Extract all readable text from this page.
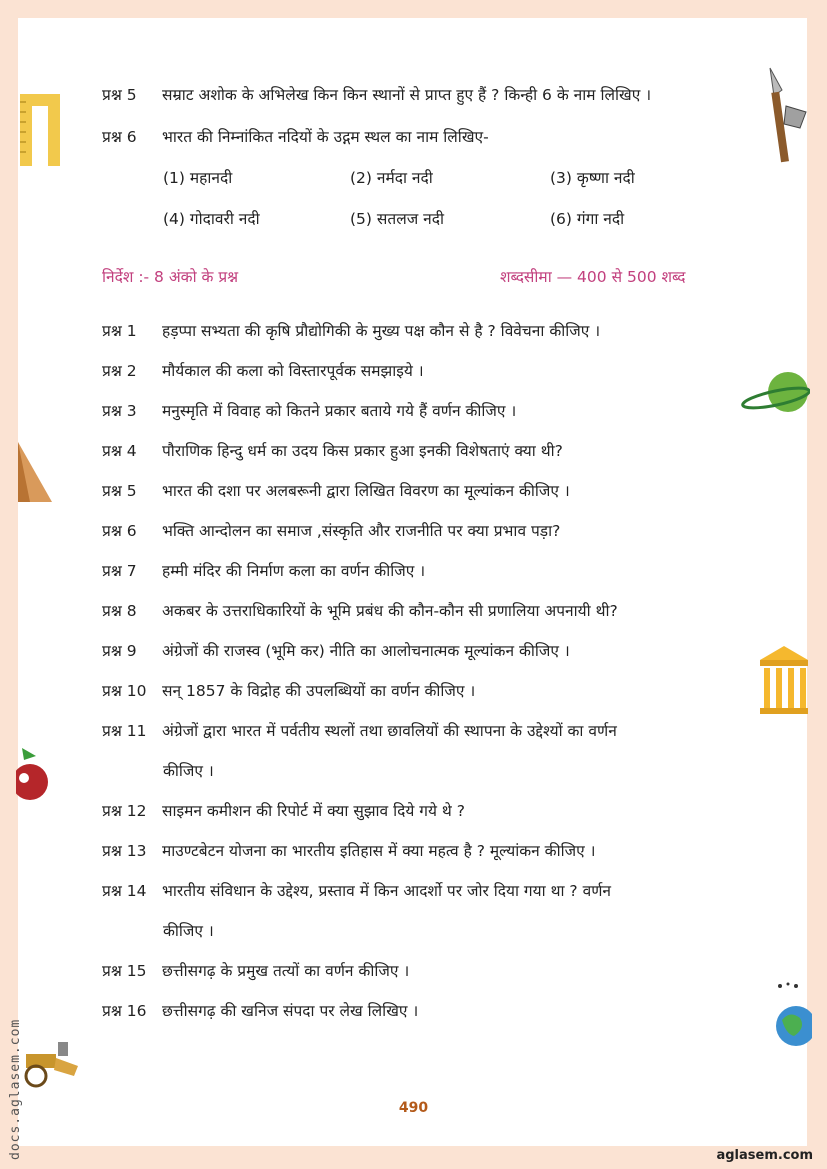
प्रश्न 5 सम्राट अशोक के अभिलेख किन किन स्थानों से प्राप्त हुए हैं ? किन्ही 6 के नाम लिखिए ।
प्रश्न 6 भारत की निम्नांकित नदियों के उद्गम स्थल का नाम लिखिए-
(1) महानदी	(2) नर्मदा नदी	(3) कृष्णा नदी
(4) गोदावरी नदी	(5) सतलज नदी	(6) गंगा नदी
निर्देश :- 8 अंको के प्रश्न	शब्दसीमा — 400 से 500 शब्द
प्रश्न 1 हड़प्पा सभ्यता की कृषि प्रौद्योगिकी के मुख्य पक्ष कौन से है ? विवेचना कीजिए ।
प्रश्न 2 मौर्यकाल की कला को विस्तारपूर्वक समझाइये ।
प्रश्न 3 मनुस्मृति में विवाह को कितने प्रकार बताये गये हैं वर्णन कीजिए ।
प्रश्न 4 पौराणिक हिन्दु धर्म का उदय किस प्रकार हुआ इनकी विशेषताएं क्या थी?
प्रश्न 5 भारत की दशा पर अलबरूनी द्वारा लिखित विवरण का मूल्यांकन कीजिए ।
प्रश्न 6 भक्ति आन्दोलन का समाज ,संस्कृति और राजनीति पर क्या प्रभाव पड़ा?
प्रश्न 7 हम्मी मंदिर की निर्माण कला का वर्णन कीजिए ।
प्रश्न 8 अकबर के उत्तराधिकारियों के भूमि प्रबंध की कौन-कौन सी प्रणालिया अपनायी थी?
प्रश्न 9 अंग्रेजों की राजस्व (भूमि कर) नीति का आलोचनात्मक मूल्यांकन कीजिए ।
प्रश्न 10 सन् 1857 के विद्रोह की उपलब्धियों का वर्णन कीजिए ।
प्रश्न 11 अंग्रेजों द्वारा भारत में पर्वतीय स्थलों तथा छावलियों की स्थापना के उद्देश्यों का वर्णन
कीजिए ।
प्रश्न 12 साइमन कमीशन की रिपोर्ट में क्या सुझाव दिये गये थे ?
प्रश्न 13 माउण्टबेटन योजना का भारतीय इतिहास में क्या महत्व है ? मूल्यांकन कीजिए ।
प्रश्न 14 भारतीय संविधान के उद्देश्य, प्रस्ताव में किन आदर्शो पर जोर दिया गया था ? वर्णन
कीजिए ।
प्रश्न 15 छत्तीसगढ़ के प्रमुख तत्यों का वर्णन कीजिए ।
प्रश्न 16 छत्तीसगढ़ की खनिज संपदा पर लेख लिखिए ।
490
aglasem.com
docs.aglasem.com
